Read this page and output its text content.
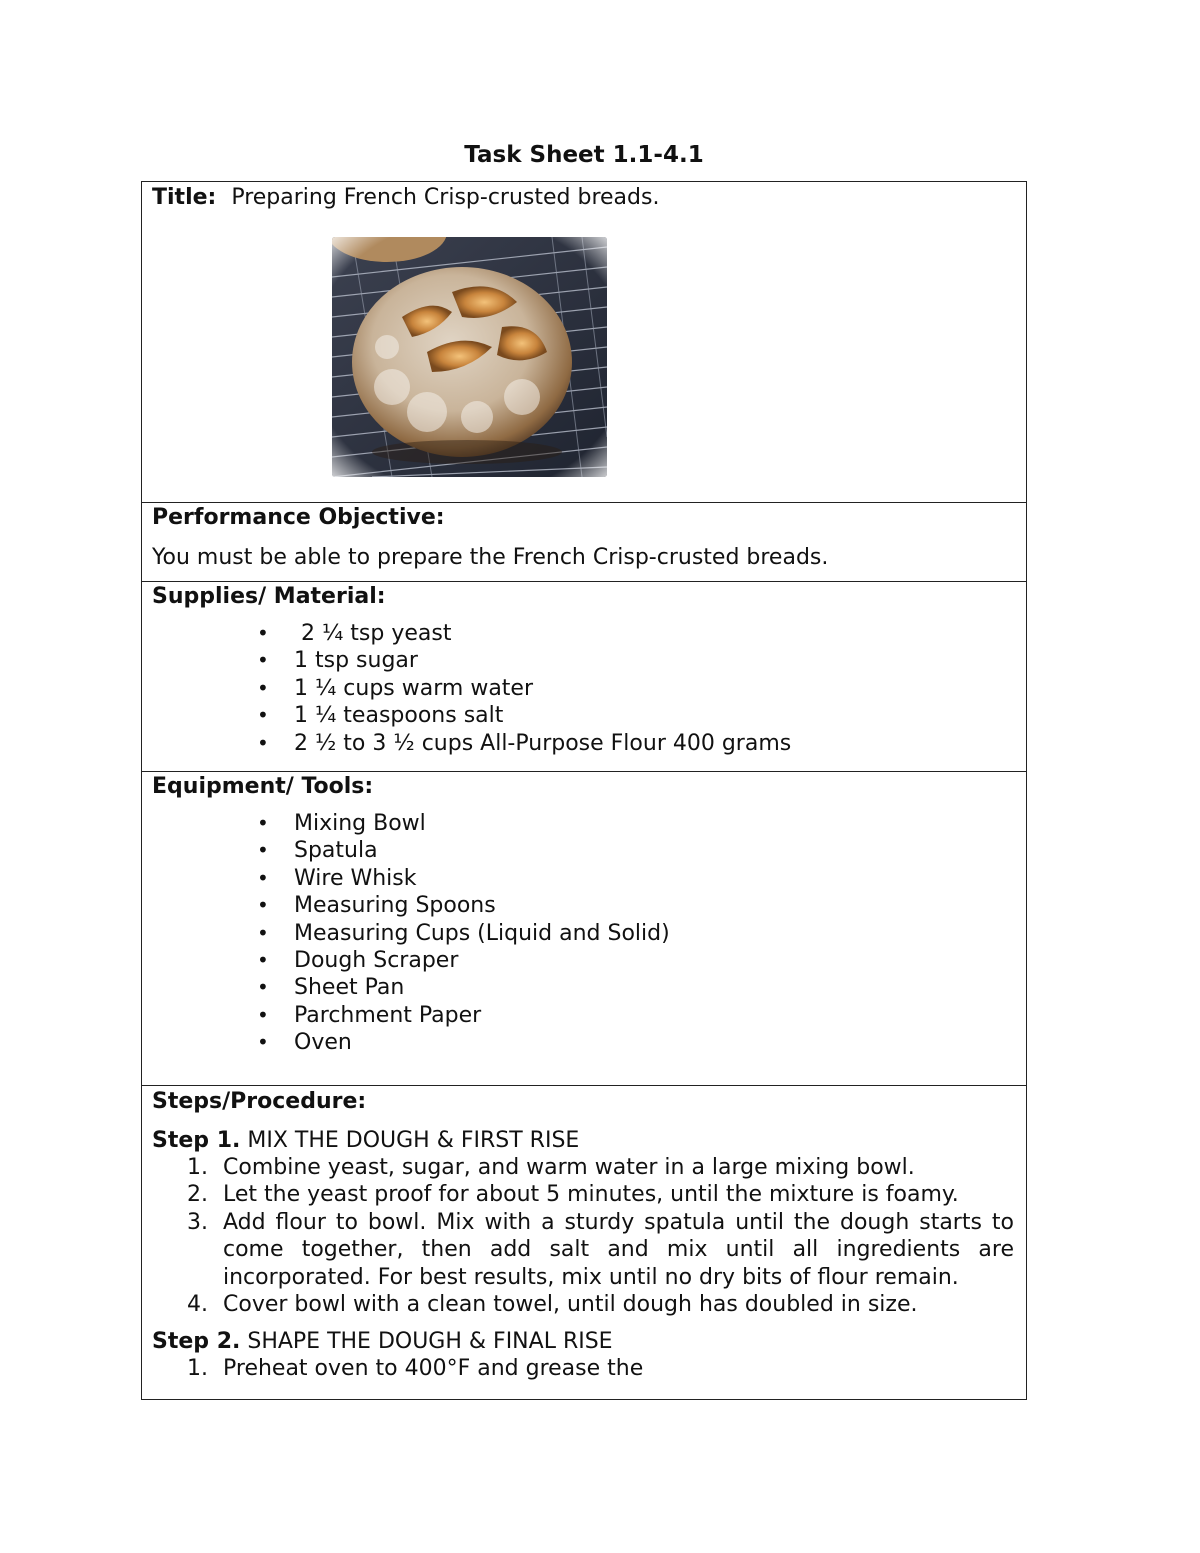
Task Sheet 1.1-4.1
Title: Preparing French Crisp-crusted breads.
Performance Objective:
You must be able to prepare the French Crisp-crusted breads.
Supplies/ Material:
• 2 ¼ tsp yeast
• 1 tsp sugar
• 1 ¼ cups warm water
• 1 ¼ teaspoons salt
• 2 ½ to 3 ½ cups All-Purpose Flour 400 grams
Equipment/ Tools:
• Mixing Bowl
• Spatula
• Wire Whisk
• Measuring Spoons
• Measuring Cups (Liquid and Solid)
• Dough Scraper
• Sheet Pan
• Parchment Paper
• Oven
Steps/Procedure:
Step 1. MIX THE DOUGH & FIRST RISE
1. Combine yeast, sugar, and warm water in a large mixing bowl.
2. Let the yeast proof for about 5 minutes, until the mixture is foamy.
3. Add flour to bowl. Mix with a sturdy spatula until the dough starts to come together, then add salt and mix until all ingredients are incorporated. For best results, mix until no dry bits of flour remain.
4. Cover bowl with a clean towel, until dough has doubled in size.
Step 2. SHAPE THE DOUGH & FINAL RISE
1. Preheat oven to 400°F and grease the
